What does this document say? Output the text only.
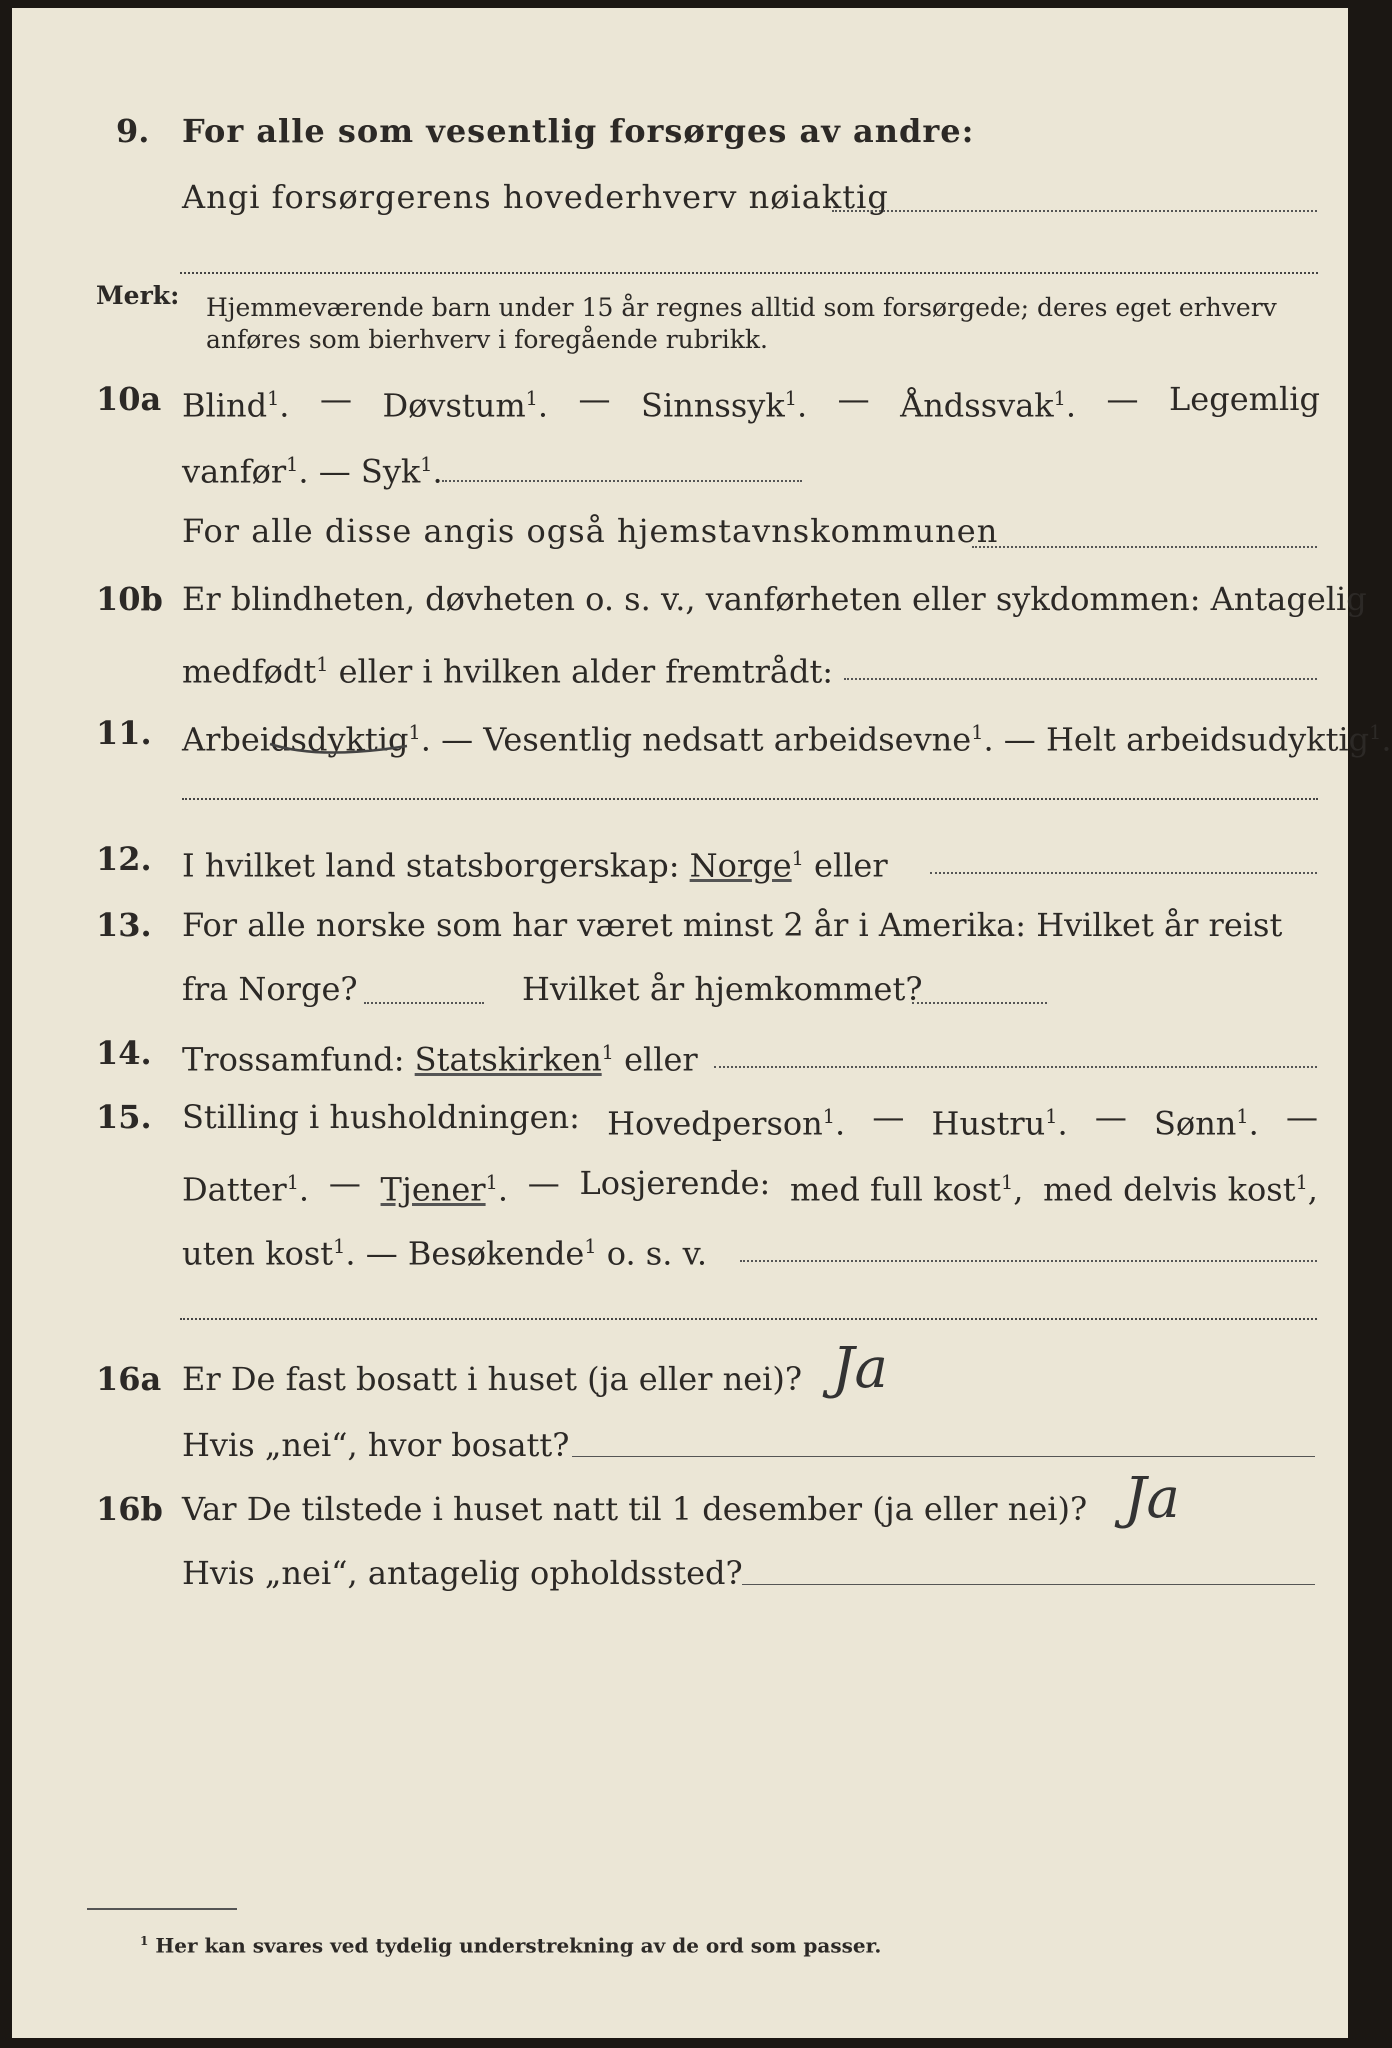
9. For alle som vesentlig forsørges av andre:
Angi forsørgerens hovederhverv nøiaktig
Merk: Hjemmeværende barn under 15 år regnes alltid som forsørgede; deres eget erhverv
anføres som bierhverv i foregående rubrikk.
10a Blind$^1$. — Døvstum$^1$. — Sinnssyk$^1$. — Åndssvak$^1$. — Legemlig
vanfør$^1$. — Syk$^1$.
For alle disse angis også hjemstavnskommunen
10b Er blindheten, døvheten o. s. v., vanførheten eller sykdommen: Antagelig
medfødt$^1$ eller i hvilken alder fremtrådt:
11. Arbeidsdyktig$^1$. — Vesentlig nedsatt arbeidsevne$^1$. — Helt arbeidsudyktig$^1$.
12. I hvilket land statsborgerskap: Norge$^1$ eller
13. For alle norske som har været minst 2 år i Amerika: Hvilket år reist
fra Norge?	Hvilket år hjemkommet?
14. Trossamfund: Statskirken$^1$ eller
15. Stilling i husholdningen: Hovedperson$^1$. — Hustru$^1$. — Sønn$^1$. —
Datter$^1$. — Tjener$^1$. — Losjerende: med full kost$^1$, med delvis kost$^1$,
uten kost$^1$. — Besøkende$^1$ o. s. v.
16a Er De fast bosatt i huset (ja eller nei)? Ja
Hvis „nei“, hvor bosatt?
16b Var De tilstede i huset natt til 1 desember (ja eller nei)? Ja
Hvis „nei“, antagelig opholdssted?
$^1$ Her kan svares ved tydelig understrekning av de ord som passer.
